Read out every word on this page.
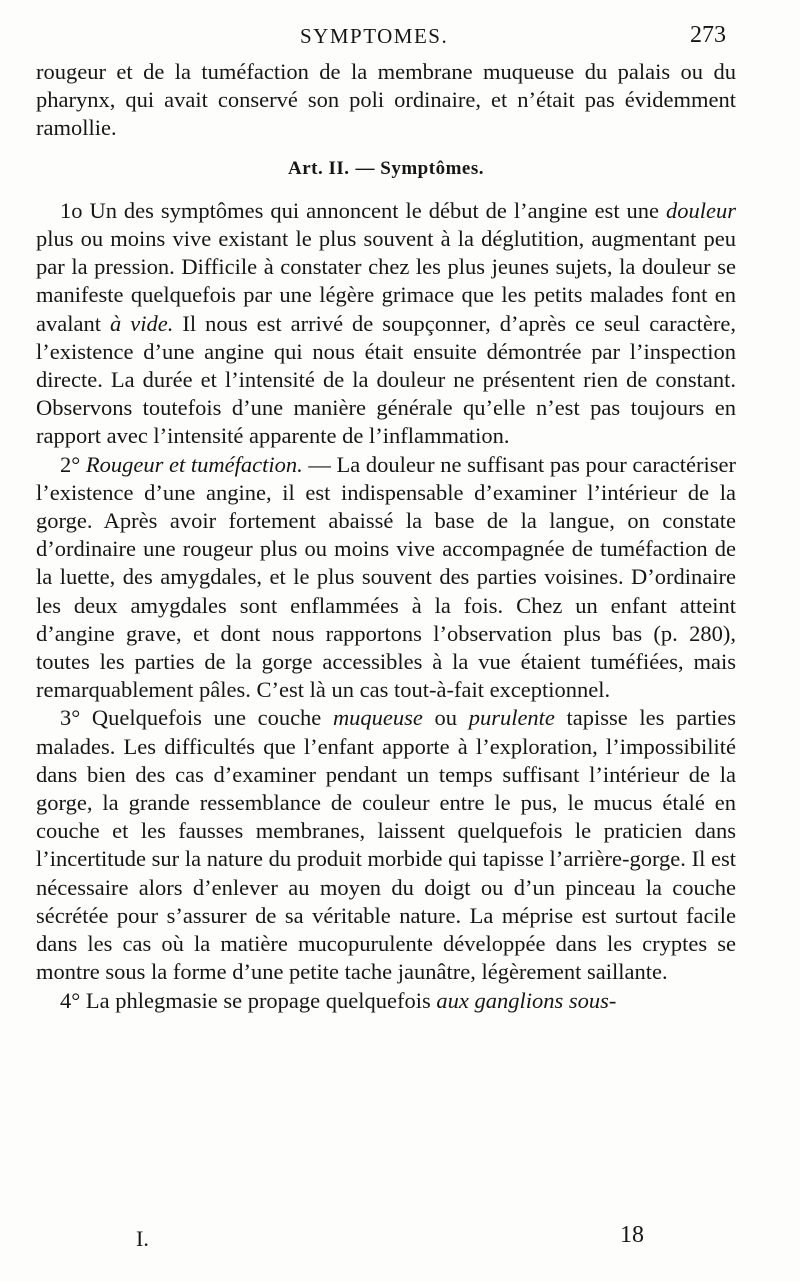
SYMPTOMES.	273

rougeur et de la tuméfaction de la membrane muqueuse du palais ou du pharynx, qui avait conservé son poli ordinaire, et n’était pas évidemment ramollie.

Art. II. — Symptômes.

1o Un des symptômes qui annoncent le début de l’angine est une douleur plus ou moins vive existant le plus souvent à la déglutition, augmentant peu par la pression. Difficile à constater chez les plus jeunes sujets, la douleur se manifeste quelquefois par une légère grimace que les petits malades font en avalant à vide. Il nous est arrivé de soupçonner, d’après ce seul caractère, l’existence d’une angine qui nous était ensuite démontrée par l’inspection directe. La durée et l’intensité de la douleur ne présentent rien de constant. Observons toutefois d’une manière générale qu’elle n’est pas toujours en rapport avec l’intensité apparente de l’inflammation.

2° Rougeur et tuméfaction. — La douleur ne suffisant pas pour caractériser l’existence d’une angine, il est indispensable d’examiner l’intérieur de la gorge. Après avoir fortement abaissé la base de la langue, on constate d’ordinaire une rougeur plus ou moins vive accompagnée de tuméfaction de la luette, des amygdales, et le plus souvent des parties voisines. D’ordinaire les deux amygdales sont enflammées à la fois. Chez un enfant atteint d’angine grave, et dont nous rapportons l’observation plus bas (p. 280), toutes les parties de la gorge accessibles à la vue étaient tuméfiées, mais remarquablement pâles. C’est là un cas tout-à-fait exceptionnel.

3° Quelquefois une couche muqueuse ou purulente tapisse les parties malades. Les difficultés que l’enfant apporte à l’exploration, l’impossibilité dans bien des cas d’examiner pendant un temps suffisant l’intérieur de la gorge, la grande ressemblance de couleur entre le pus, le mucus étalé en couche et les fausses membranes, laissent quelquefois le praticien dans l’incertitude sur la nature du produit morbide qui tapisse l’arrière-gorge. Il est nécessaire alors d’enlever au moyen du doigt ou d’un pinceau la couche sécrétée pour s’assurer de sa véritable nature. La méprise est surtout facile dans les cas où la matière mucopurulente développée dans les cryptes se montre sous la forme d’une petite tache jaunâtre, légèrement saillante.

4° La phlegmasie se propage quelquefois aux ganglions sous-

I.	18
